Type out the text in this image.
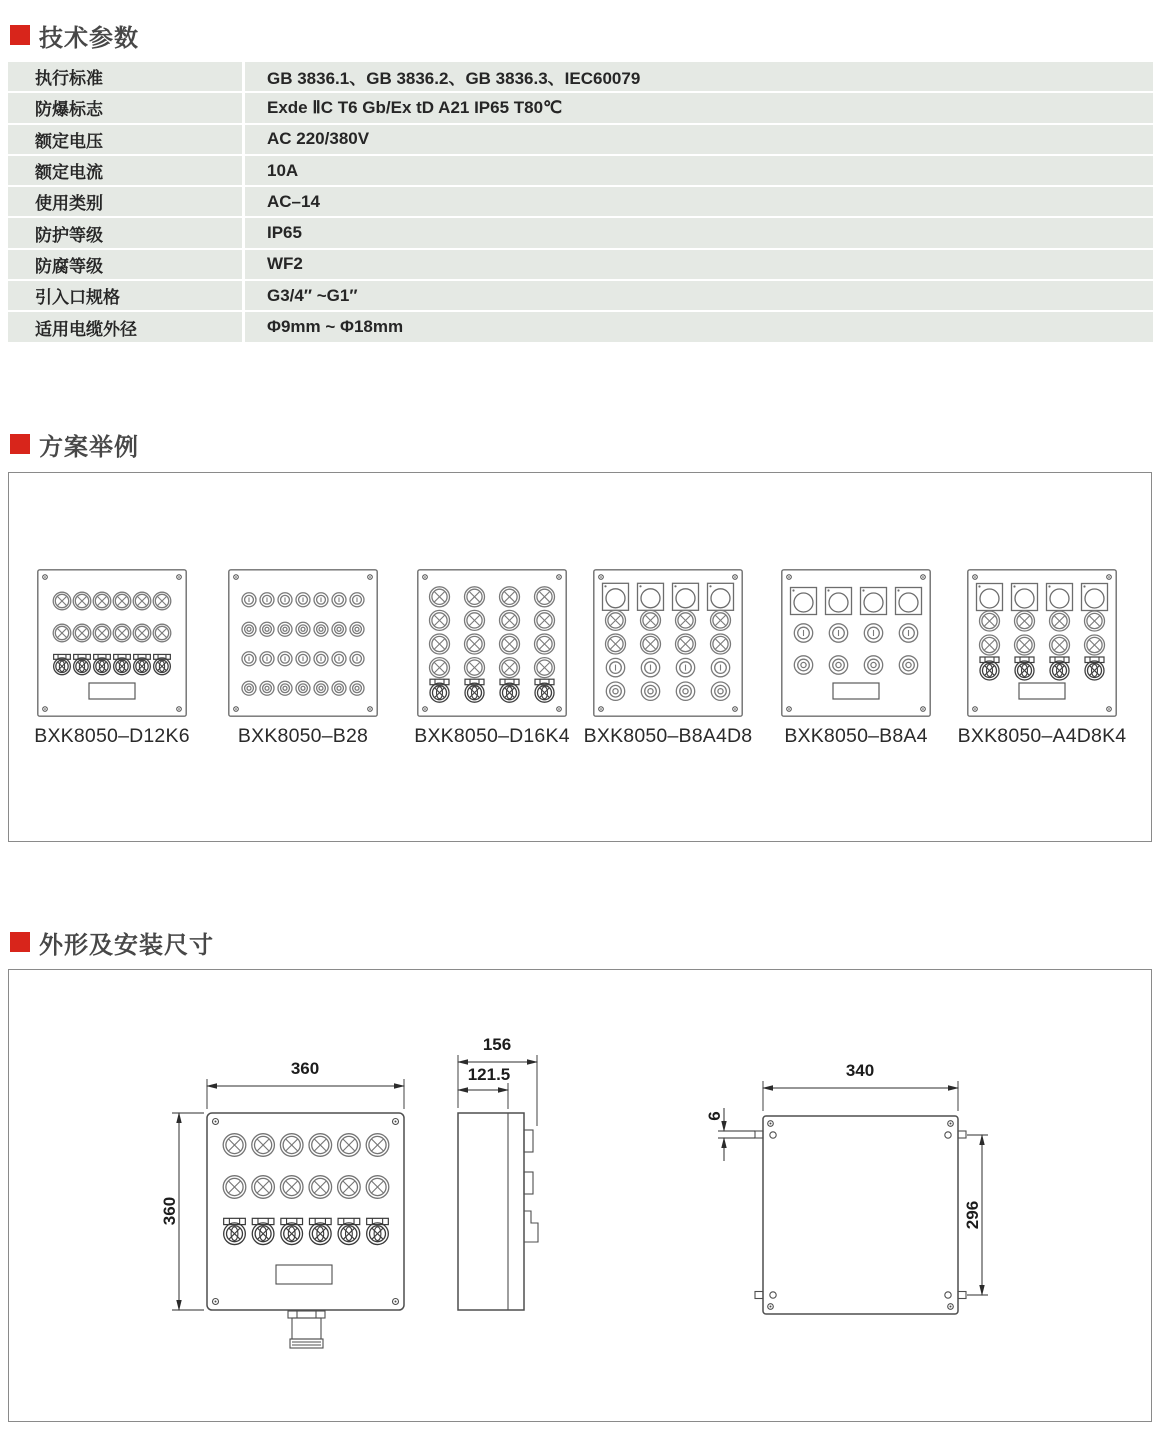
技术参数
执行标准	GB 3836.1、GB 3836.2、GB 3836.3、IEC60079
防爆标志	Exde ⅡC T6 Gb/Ex tD A21 IP65 T80℃
额定电压	AC 220/380V
额定电流	10A
使用类别	AC–14
防护等级	IP65
防腐等级	WF2
引入口规格	G3/4″ ~G1″
适用电缆外径	Φ9mm ~ Φ18mm
方案举例
BXK8050–D12K6	BXK8050–B28	BXK8050–D16K4 BXK8050–B8A4D8	BXK8050–B8A4	BXK8050–A4D8K4
外形及安装尺寸
360
360
156
121.5	340
296
6
